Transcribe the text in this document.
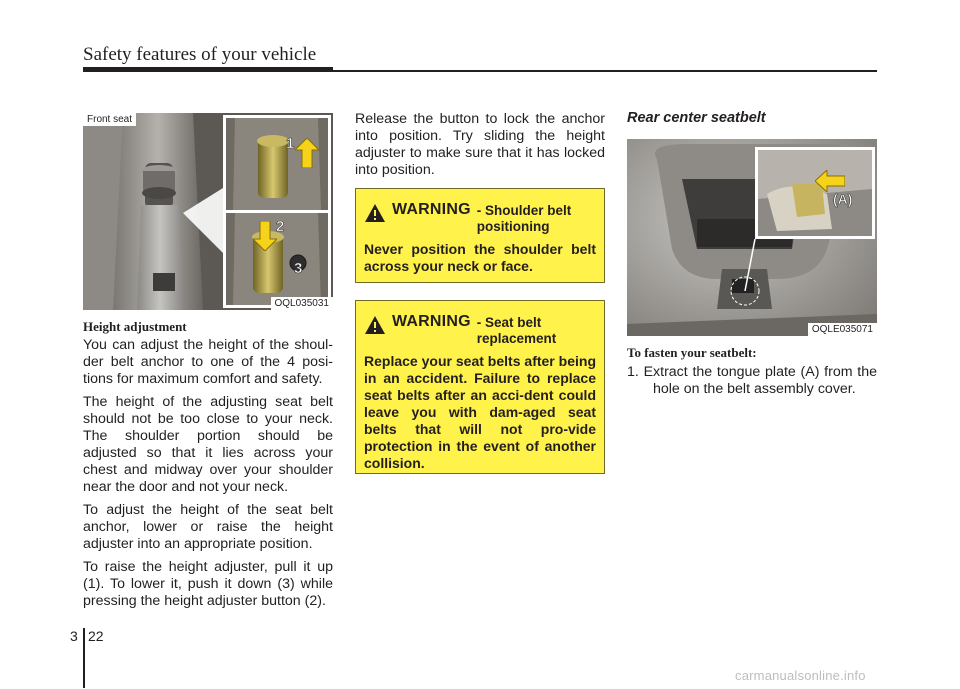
Safety features of your vehicle
Front seat
1
2
3
OQL035031
Height adjustment

You can adjust the height of the shoul-der belt anchor to one of the 4 posi-tions for maximum comfort and safety.

The height of the adjusting seat belt should not be too close to your neck. The shoulder portion should be adjusted so that it lies across your chest and midway over your shoulder near the door and not your neck.

To adjust the height of the seat belt anchor, lower or raise the height adjuster into an appropriate position.

To raise the height adjuster, pull it up (1). To lower it, push it down (3) while pressing the height adjuster button (2).

Release the button to lock the anchor into position. Try sliding the height adjuster to make sure that it has locked into position.
WARNING - Shoulder belt positioning
Never position the shoulder belt across your neck or face.
WARNING - Seat belt replacement
Replace your seat belts after being in an accident. Failure to replace seat belts after an acci-dent could leave you with dam-aged seat belts that will not pro-vide protection in the event of another collision.
Rear center seatbelt
(A)
OQLE035071
To fasten your seatbelt:

1. Extract the tongue plate (A) from the hole on the belt assembly cover.

3 22
carmanualsonline.info
